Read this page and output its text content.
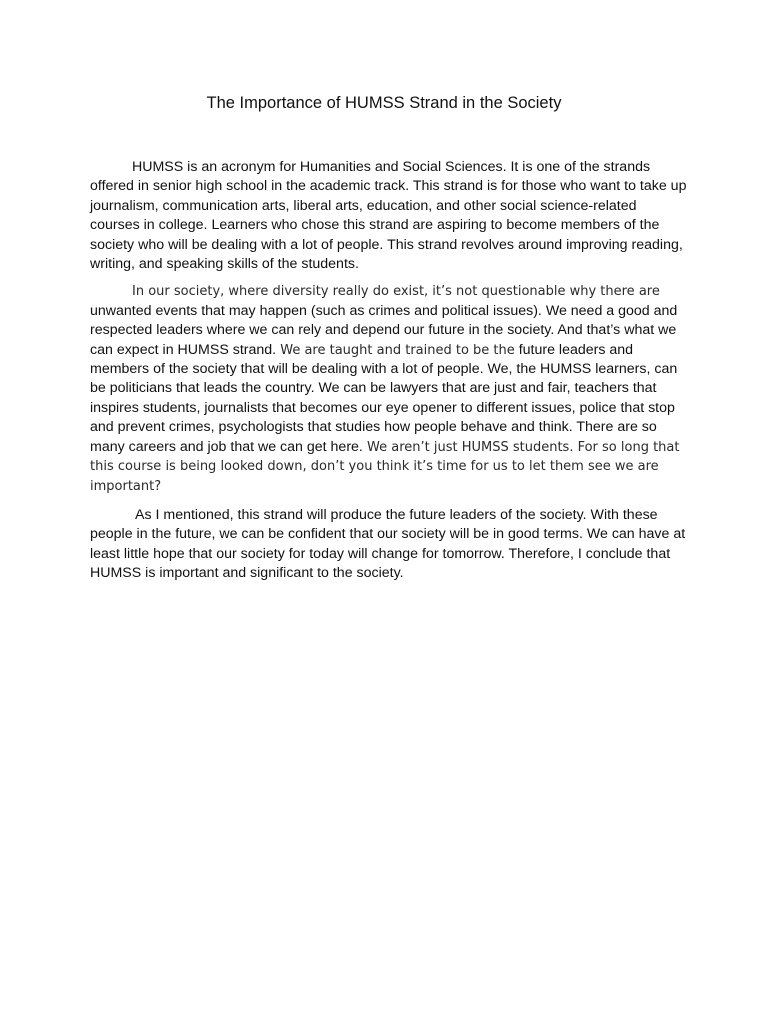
The Importance of HUMSS Strand in the Society

HUMSS is an acronym for Humanities and Social Sciences. It is one of the strands offered in senior high school in the academic track. This strand is for those who want to take up journalism, communication arts, liberal arts, education, and other social science-related courses in college. Learners who chose this strand are aspiring to become members of the society who will be dealing with a lot of people. This strand revolves around improving reading, writing, and speaking skills of the students.

In our society, where diversity really do exist, it’s not questionable why there are unwanted events that may happen (such as crimes and political issues). We need a good and respected leaders where we can rely and depend our future in the society. And that’s what we can expect in HUMSS strand. We are taught and trained to be the future leaders and members of the society that will be dealing with a lot of people. We, the HUMSS learners, can be politicians that leads the country. We can be lawyers that are just and fair, teachers that inspires students, journalists that becomes our eye opener to different issues, police that stop and prevent crimes, psychologists that studies how people behave and think. There are so many careers and job that we can get here. We aren’t just HUMSS students. For so long that this course is being looked down, don’t you think it’s time for us to let them see we are important?

As I mentioned, this strand will produce the future leaders of the society. With these people in the future, we can be confident that our society will be in good terms. We can have at least little hope that our society for today will change for tomorrow. Therefore, I conclude that HUMSS is important and significant to the society.
